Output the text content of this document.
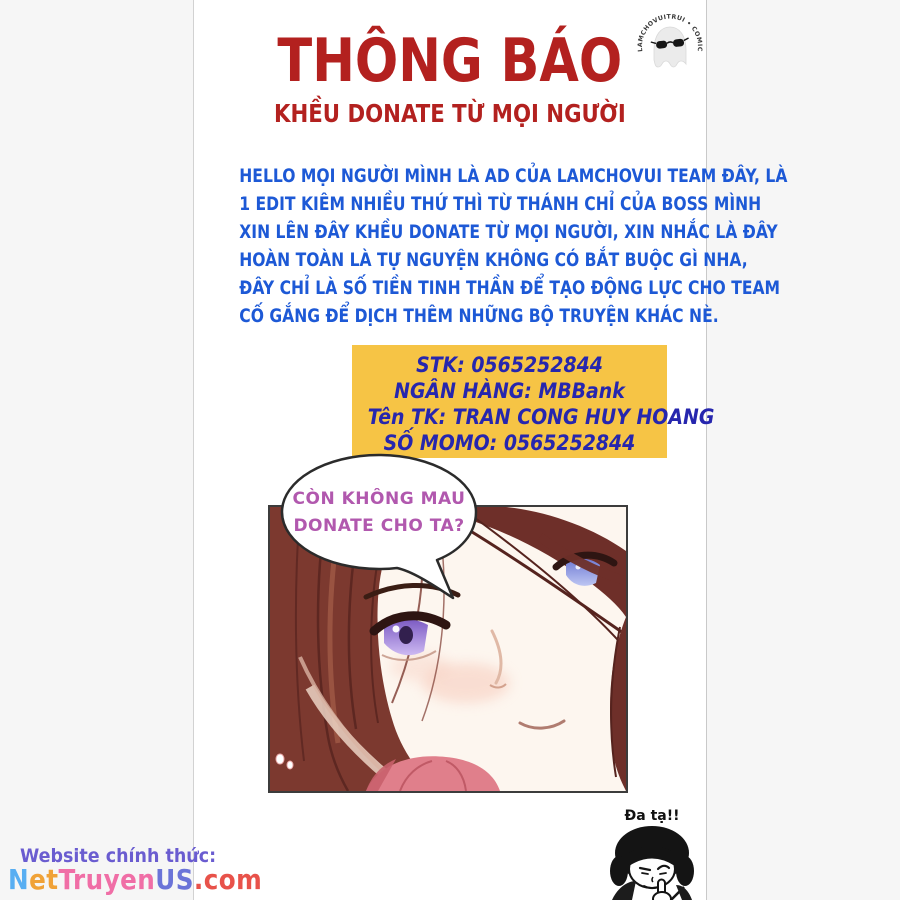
LAMCHOVUITRUI • COMIC
THÔNG BÁO
KHỀU DONATE TỪ MỌI NGƯỜI
HELLO MỌI NGƯỜI MÌNH LÀ AD CỦA LAMCHOVUI TEAM ĐÂY, LÀ
1 EDIT KIÊM NHIỀU THỨ THÌ TỪ THÁNH CHỈ CỦA BOSS MÌNH
XIN LÊN ĐÂY KHỀU DONATE TỪ MỌI NGƯỜI, XIN NHẮC LÀ ĐÂY
HOÀN TOÀN LÀ TỰ NGUYỆN KHÔNG CÓ BẮT BUỘC GÌ NHA,
ĐÂY CHỈ LÀ SỐ TIỀN TINH THẦN ĐỂ TẠO ĐỘNG LỰC CHO TEAM
CỐ GẮNG ĐỂ DỊCH THÊM NHỮNG BỘ TRUYỆN KHÁC NÈ.
STK: 0565252844
NGÂN HÀNG: MBBank
Tên TK: TRAN CONG HUY HOANG
SỐ MOMO: 0565252844
CÒN KHÔNG MAU
DONATE CHO TA?
Website chính thức:
NetTruyenUS.com
Đa tạ!!
